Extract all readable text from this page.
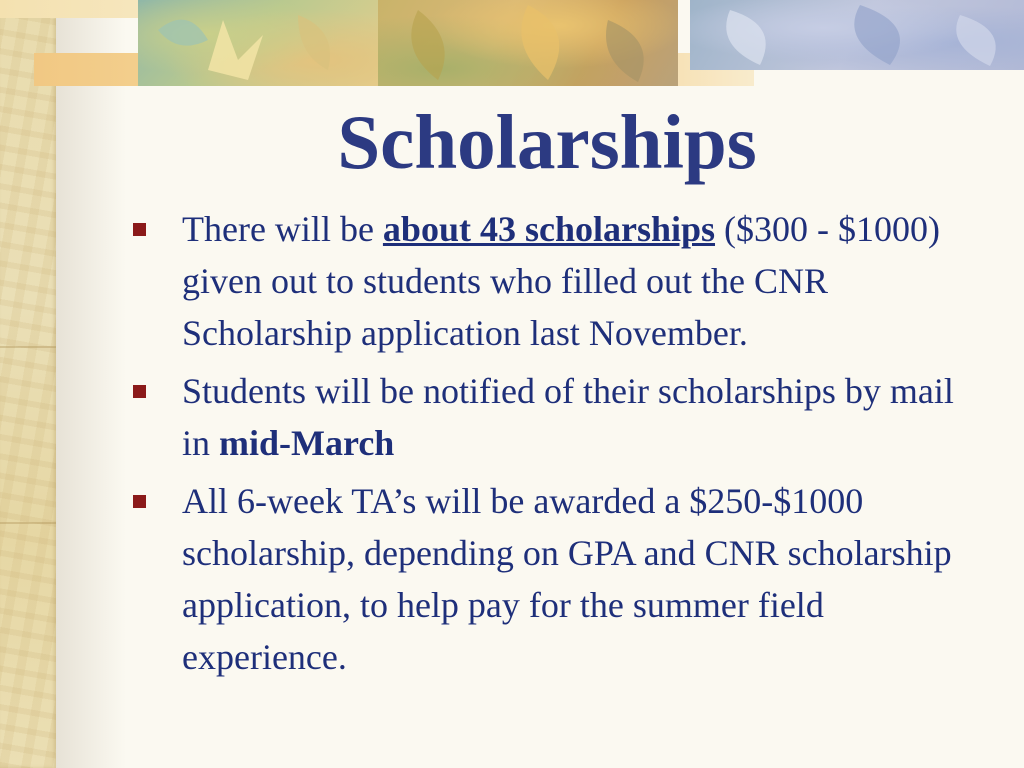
Scholarships
There will be about 43 scholarships ($300 - $1000) given out to students who filled out the CNR Scholarship application last November.
Students will be notified of their scholarships by mail in mid-March
All 6-week TA’s will be awarded a $250-$1000 scholarship, depending on GPA and CNR scholarship application, to help pay for the summer field experience.
